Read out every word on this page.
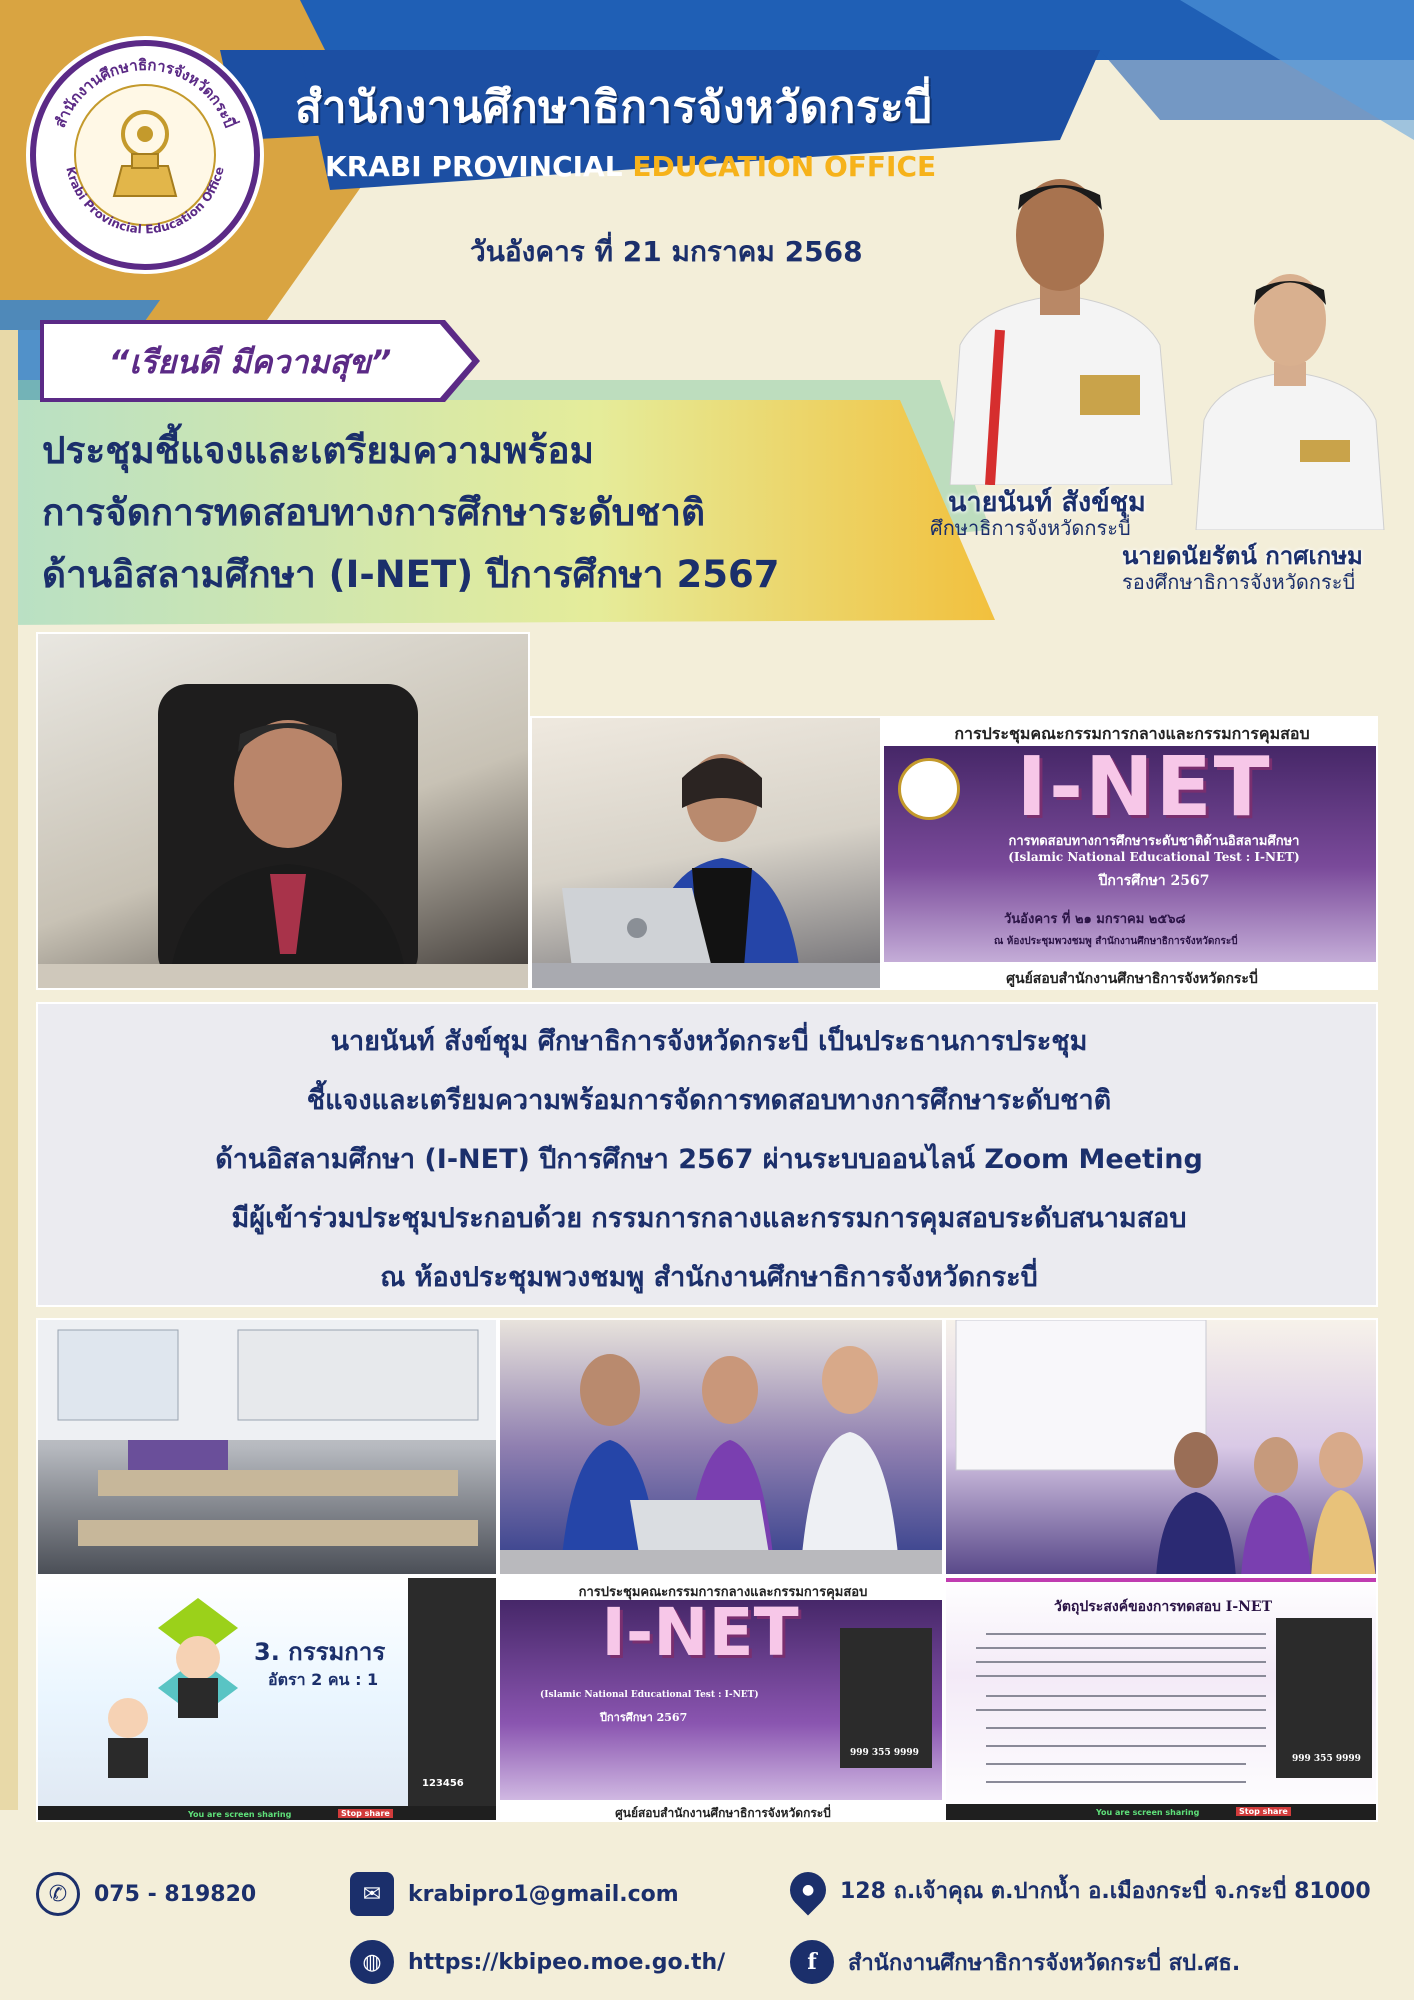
สำนักงานศึกษาธิการจังหวัดกระบี่
Krabi Provincial Education Office
สำนักงานศึกษาธิการจังหวัดกระบี่
KRABI PROVINCIAL EDUCATION OFFICE
วันอังคาร ที่ 21 มกราคม 2568
“เรียนดี มีความสุข”
ประชุมชี้แจงและเตรียมความพร้อม
การจัดการทดสอบทางการศึกษาระดับชาติ
ด้านอิสลามศึกษา (I-NET) ปีการศึกษา 2567
นายนันท์ สังข์ชุม
ศึกษาธิการจังหวัดกระบี่
นายดนัยรัตน์ กาศเกษม
รองศึกษาธิการจังหวัดกระบี่
การประชุมคณะกรรมการกลางและกรรมการคุมสอบ
I-NET
การทดสอบทางการศึกษาระดับชาติด้านอิสลามศึกษา
(Islamic National Educational Test : I-NET)
ปีการศึกษา 2567
วันอังคาร ที่ ๒๑ มกราคม ๒๕๖๘
ณ ห้องประชุมพวงชมพู สำนักงานศึกษาธิการจังหวัดกระบี่
ศูนย์สอบสำนักงานศึกษาธิการจังหวัดกระบี่
นายนันท์ สังข์ชุม ศึกษาธิการจังหวัดกระบี่ เป็นประธานการประชุม
ชี้แจงและเตรียมความพร้อมการจัดการทดสอบทางการศึกษาระดับชาติ
ด้านอิสลามศึกษา (I-NET) ปีการศึกษา 2567 ผ่านระบบออนไลน์ Zoom Meeting
มีผู้เข้าร่วมประชุมประกอบด้วย กรรมการกลางและกรรมการคุมสอบระดับสนามสอบ
ณ ห้องประชุมพวงชมพู สำนักงานศึกษาธิการจังหวัดกระบี่
3. กรรมการ
อัตรา 2 คน : 1
123456
You are screen sharing	Stop share
การประชุมคณะกรรมการกลางและกรรมการคุมสอบ
I-NET
(Islamic National Educational Test : I-NET)
ปีการศึกษา 2567
999 355 9999
ศูนย์สอบสำนักงานศึกษาธิการจังหวัดกระบี่
วัตถุประสงค์ของการทดสอบ I-NET
999 355 9999
You are screen sharing	Stop share
✆	075 - 819820	✉	krabipro1@gmail.com	● 128 ถ.เจ้าคุณ ต.ปากน้ำ อ.เมืองกระบี่ จ.กระบี่ 81000
◍	https://kbipeo.moe.go.th/	f	สำนักงานศึกษาธิการจังหวัดกระบี่ สป.ศธ.
